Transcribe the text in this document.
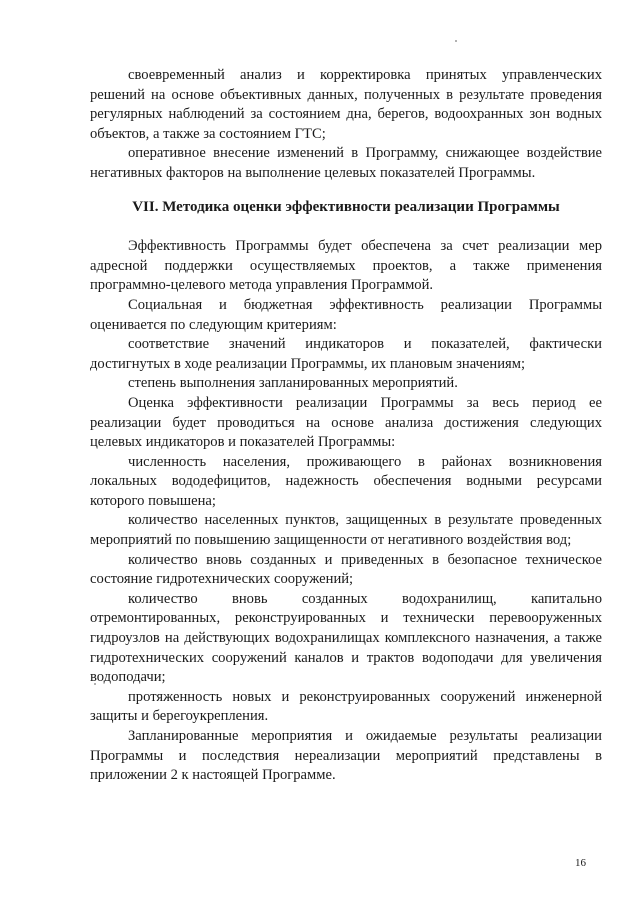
своевременный анализ и корректировка принятых управленческих решений на основе объективных данных, полученных в результате проведения регулярных наблюдений за состоянием дна, берегов, водоохранных зон водных объектов, а также за состоянием ГТС;

оперативное внесение изменений в Программу, снижающее воздействие негативных факторов на выполнение целевых показателей Программы.

VII. Методика оценки эффективности реализации Программы

Эффективность Программы будет обеспечена за счет реализации мер адресной поддержки осуществляемых проектов, а также применения программно-целевого метода управления Программой.

Социальная и бюджетная эффективность реализации Программы оценивается по следующим критериям:

соответствие значений индикаторов и показателей, фактически достигнутых в ходе реализации Программы, их плановым значениям;

степень выполнения запланированных мероприятий.

Оценка эффективности реализации Программы за весь период ее реализации будет проводиться на основе анализа достижения следующих целевых индикаторов и показателей Программы:

численность населения, проживающего в районах возникновения локальных вододефицитов, надежность обеспечения водными ресурсами которого повышена;

количество населенных пунктов, защищенных в результате проведенных мероприятий по повышению защищенности от негативного воздействия вод;

количество вновь созданных и приведенных в безопасное техническое состояние гидротехнических сооружений;

количество вновь созданных водохранилищ, капитально отремонтированных, реконструированных и технически перевооруженных гидроузлов на действующих водохранилищах комплексного назначения, а также гидротехнических сооружений каналов и трактов водоподачи для увеличения водоподачи;

протяженность новых и реконструированных сооружений инженерной защиты и берегоукрепления.

Запланированные мероприятия и ожидаемые результаты реализации Программы и последствия нереализации мероприятий представлены в приложении 2 к настоящей Программе.

16
